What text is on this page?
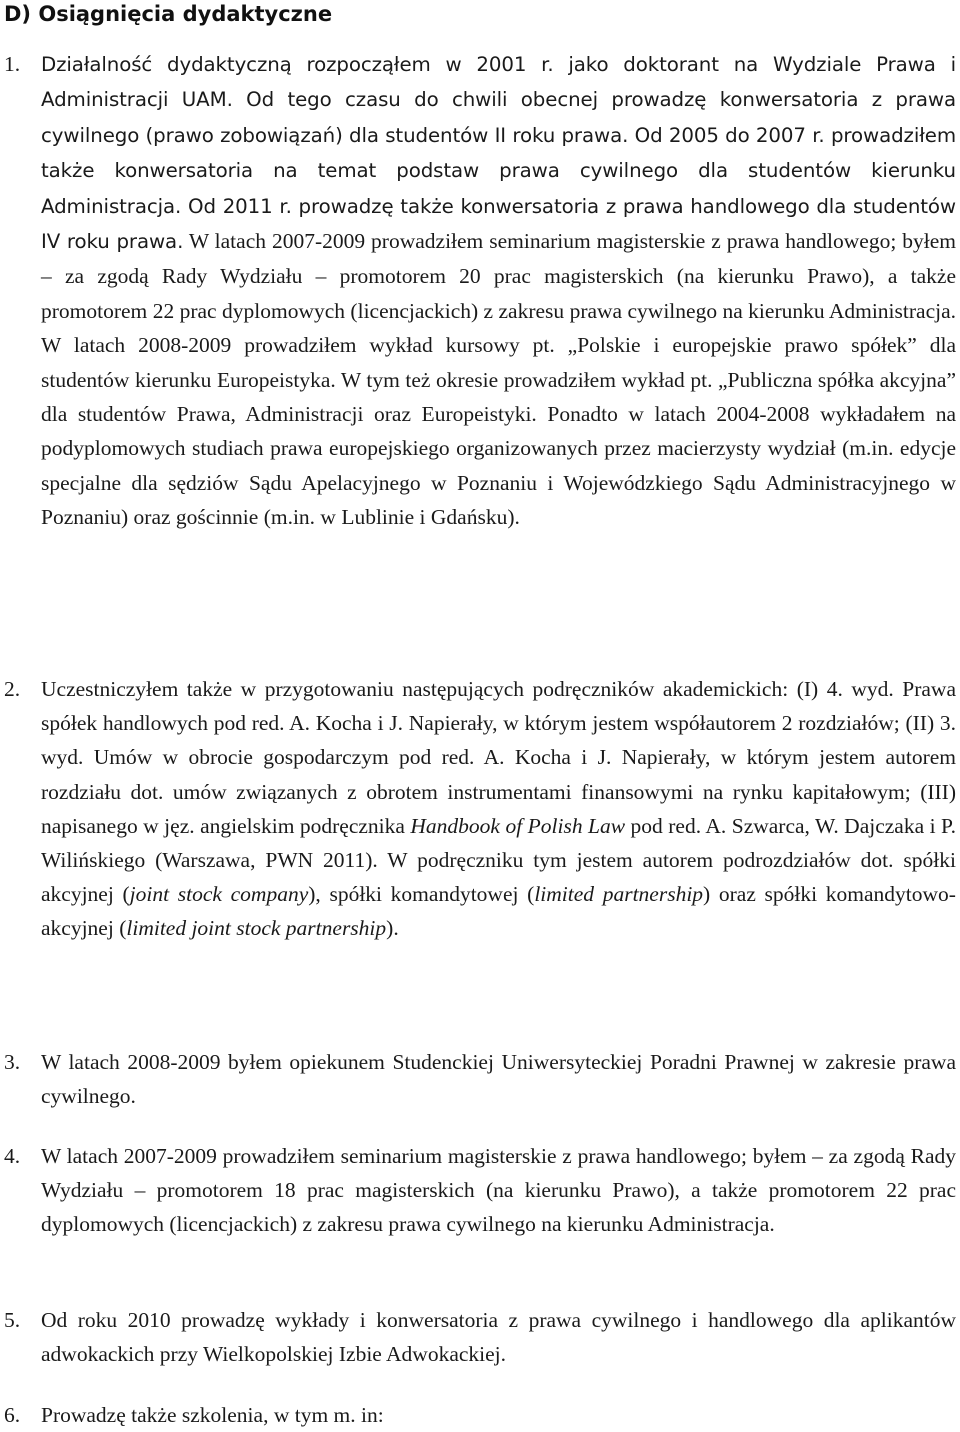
D) Osiągnięcia dydaktyczne
1.	Działalność dydaktyczną rozpocząłem w 2001 r. jako doktorant na Wydziale Prawa i Administracji UAM. Od tego czasu do chwili obecnej prowadzę konwersatoria z prawa cywilnego (prawo zobowiązań) dla studentów II roku prawa. Od 2005 do 2007 r. prowadziłem także konwersatoria na temat podstaw prawa cywilnego dla studentów kierunku Administracja. Od 2011 r. prowadzę także konwersatoria z prawa handlowego dla studentów IV roku prawa. W latach 2007-2009 prowadziłem seminarium magisterskie z prawa handlowego; byłem – za zgodą Rady Wydziału – promotorem 20 prac magisterskich (na kierunku Prawo), a także promotorem 22 prac dyplomowych (licencjackich) z zakresu prawa cywilnego na kierunku Administracja. W latach 2008-2009 prowadziłem wykład kursowy pt. „Polskie i europejskie prawo spółek” dla studentów kierunku Europeistyka. W tym też okresie prowadziłem wykład pt. „Publiczna spółka akcyjna” dla studentów Prawa, Administracji oraz Europeistyki. Ponadto w latach 2004-2008 wykładałem na podyplomowych studiach prawa europejskiego organizowanych przez macierzysty wydział (m.in. edycje specjalne dla sędziów Sądu Apelacyjnego w Poznaniu i Wojewódzkiego Sądu Administracyjnego w Poznaniu) oraz gościnnie (m.in. w Lublinie i Gdańsku).
2. Uczestniczyłem także w przygotowaniu następujących podręczników akademickich: (I) 4. wyd. Prawa spółek handlowych pod red. A. Kocha i J. Napierały, w którym jestem współautorem 2 rozdziałów; (II) 3. wyd. Umów w obrocie gospodarczym pod red. A. Kocha i J. Napierały, w którym jestem autorem rozdziału dot. umów związanych z obrotem instrumentami finansowymi na rynku kapitałowym; (III) napisanego w jęz. angielskim podręcznika Handbook of Polish Law pod red. A. Szwarca, W. Dajczaka i P. Wilińskiego (Warszawa, PWN 2011). W podręczniku tym jestem autorem podrozdziałów dot. spółki akcyjnej (joint stock company), spółki komandytowej (limited partnership) oraz spółki komandytowo-akcyjnej (limited joint stock partnership).
3. W latach 2008-2009 byłem opiekunem Studenckiej Uniwersyteckiej Poradni Prawnej w zakresie prawa cywilnego.
4. W latach 2007-2009 prowadziłem seminarium magisterskie z prawa handlowego; byłem – za zgodą Rady Wydziału – promotorem 18 prac magisterskich (na kierunku Prawo), a także promotorem 22 prac dyplomowych (licencjackich) z zakresu prawa cywilnego na kierunku Administracja.
5. Od roku 2010 prowadzę wykłady i konwersatoria z prawa cywilnego i handlowego dla aplikantów adwokackich przy Wielkopolskiej Izbie Adwokackiej.
6. Prowadzę także szkolenia, w tym m. in:
